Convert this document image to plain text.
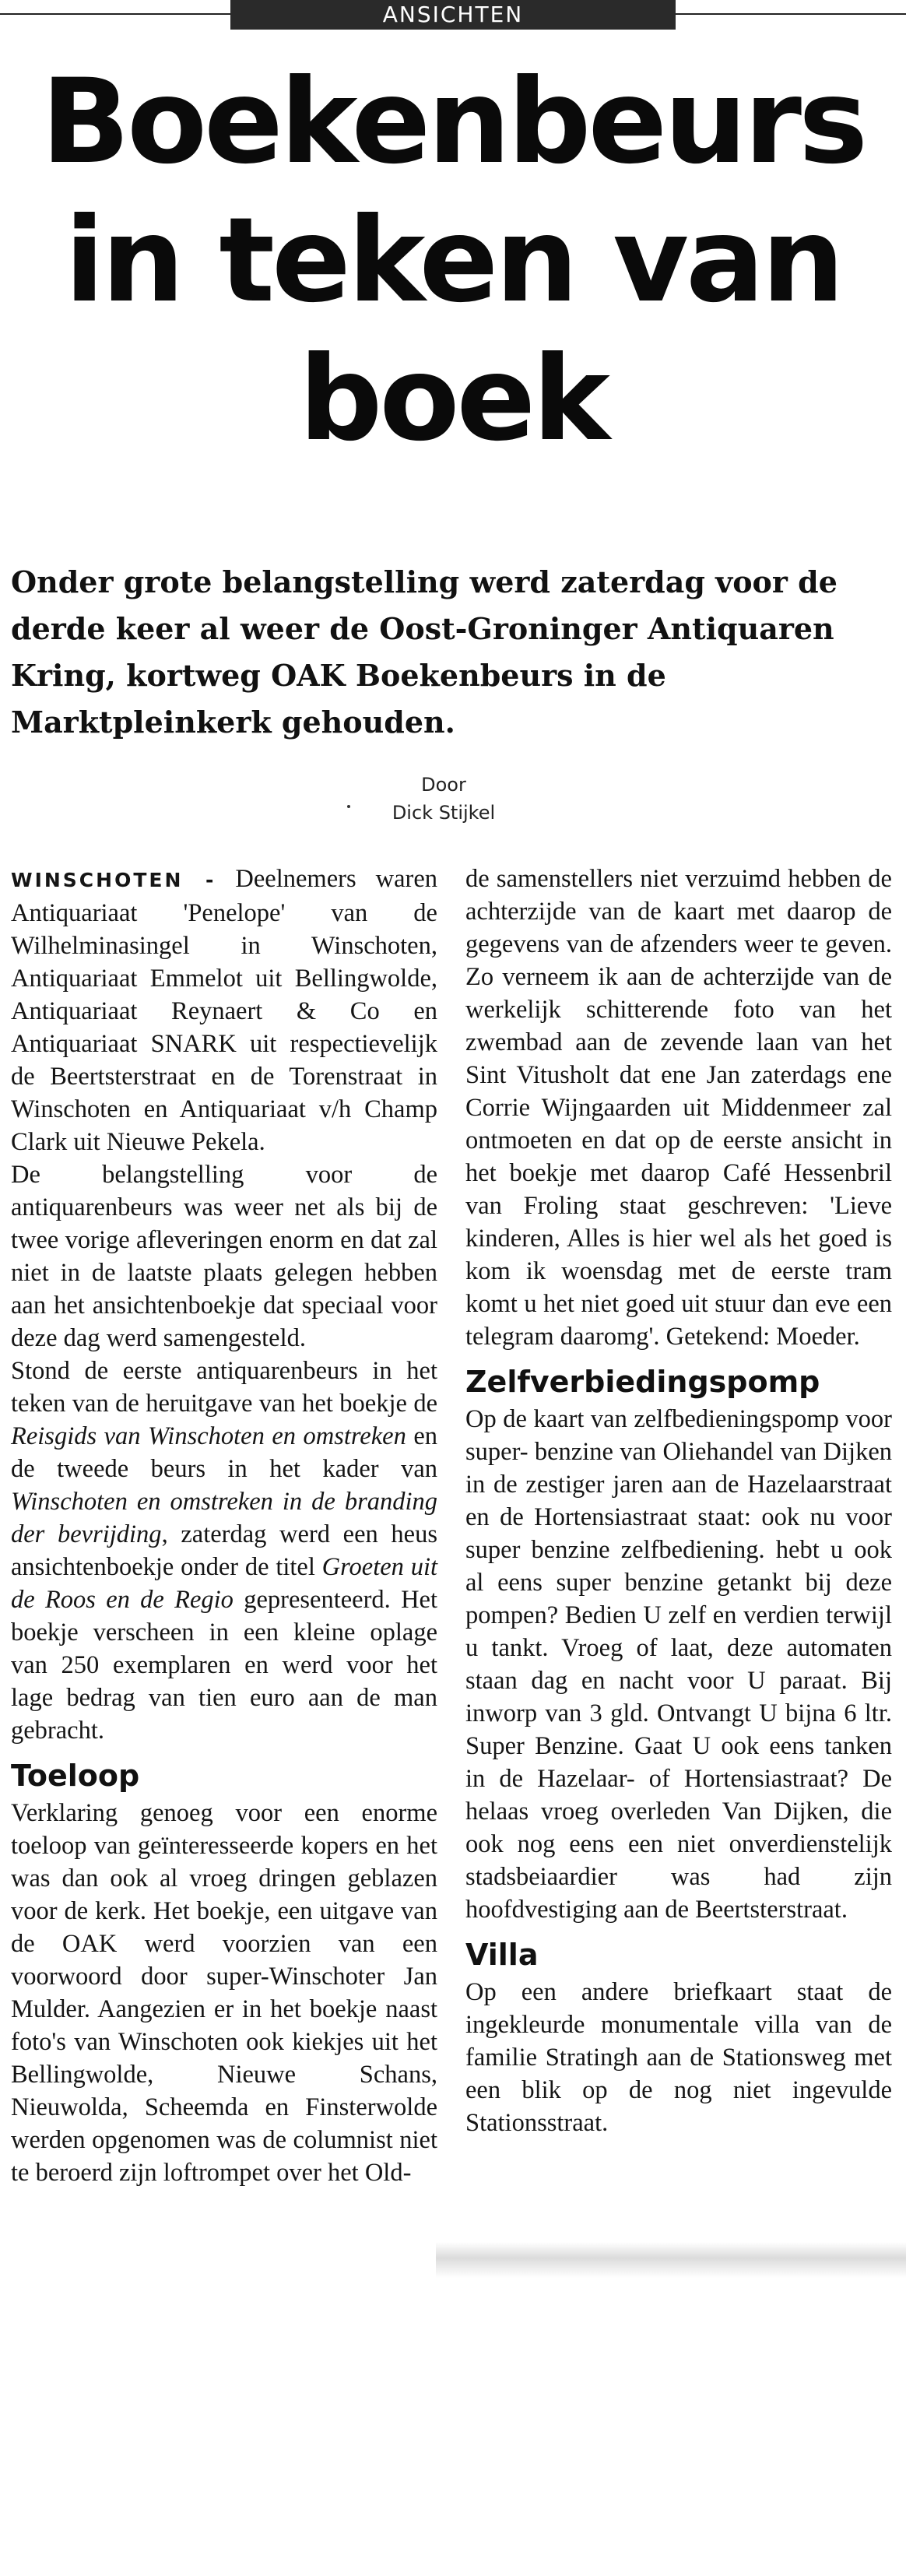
ANSICHTEN
Boekenbeurs
in teken van
boek

Onder grote belangstelling werd zaterdag voor de derde keer al weer de Oost-Groninger Antiquaren Kring, kortweg OAK Boekenbeurs in de Marktpleinkerk gehouden.

Door
Dick Stijkel

WINSCHOTEN - Deelnemers waren Antiquariaat 'Penelope' van de Wilhelminasingel in Winschoten, Antiquariaat Emmelot uit Bellingwolde, Antiquariaat Reynaert & Co en Antiquariaat SNARK uit respectievelijk de Beertsterstraat en de Torenstraat in Winschoten en Antiquariaat v/h Champ Clark uit Nieuwe Pekela.

De belangstelling voor de antiquarenbeurs was weer net als bij de twee vorige afleveringen enorm en dat zal niet in de laatste plaats gelegen hebben aan het ansichtenboekje dat speciaal voor deze dag werd samengesteld.

Stond de eerste antiquarenbeurs in het teken van de heruitgave van het boekje de Reisgids van Winschoten en omstreken en de tweede beurs in het kader van Winschoten en omstreken in de branding der bevrijding, zaterdag werd een heus ansichtenboekje onder de titel Groeten uit de Roos en de Regio gepresenteerd. Het boekje verscheen in een kleine oplage van 250 exemplaren en werd voor het lage bedrag van tien euro aan de man gebracht.

Toeloop

Verklaring genoeg voor een enorme toeloop van geïnteresseerde kopers en het was dan ook al vroeg dringen geblazen voor de kerk. Het boekje, een uitgave van de OAK werd voorzien van een voorwoord door super-Winschoter Jan Mulder. Aangezien er in het boekje naast foto's van Winschoten ook kiekjes uit het Bellingwolde, Nieuwe Schans, Nieuwolda, Scheemda en Finsterwolde werden opgenomen was de columnist niet te beroerd zijn loftrompet over het Old-

de samenstellers niet verzuimd hebben de achterzijde van de kaart met daarop de gegevens van de afzenders weer te geven. Zo verneem ik aan de achterzijde van de werkelijk schitterende foto van het zwembad aan de zevende laan van het Sint Vitusholt dat ene Jan zaterdags ene Corrie Wijngaarden uit Middenmeer zal ontmoeten en dat op de eerste ansicht in het boekje met daarop Café Hessenbril van Froling staat geschreven: 'Lieve kinderen, Alles is hier wel als het goed is kom ik woensdag met de eerste tram komt u het niet goed uit stuur dan eve een telegram daaromg'. Getekend: Moeder.

Zelfverbiedingspomp

Op de kaart van zelfbedieningspomp voor super- benzine van Oliehandel van Dijken in de zestiger jaren aan de Hazelaarstraat en de Hortensiastraat staat: ook nu voor super benzine zelfbediening. hebt u ook al eens super benzine getankt bij deze pompen? Bedien U zelf en verdien terwijl u tankt. Vroeg of laat, deze automaten staan dag en nacht voor U paraat. Bij inworp van 3 gld. Ontvangt U bijna 6 ltr. Super Benzine. Gaat U ook eens tanken in de Hazelaar- of Hortensiastraat? De helaas vroeg overleden Van Dijken, die ook nog eens een niet onverdienstelijk stadsbeiaardier was had zijn hoofdvestiging aan de Beertsterstraat.

Villa

Op een andere briefkaart staat de ingekleurde monumentale villa van de familie Stratingh aan de Stationsweg met een blik op de nog niet ingevulde Stationsstraat.
